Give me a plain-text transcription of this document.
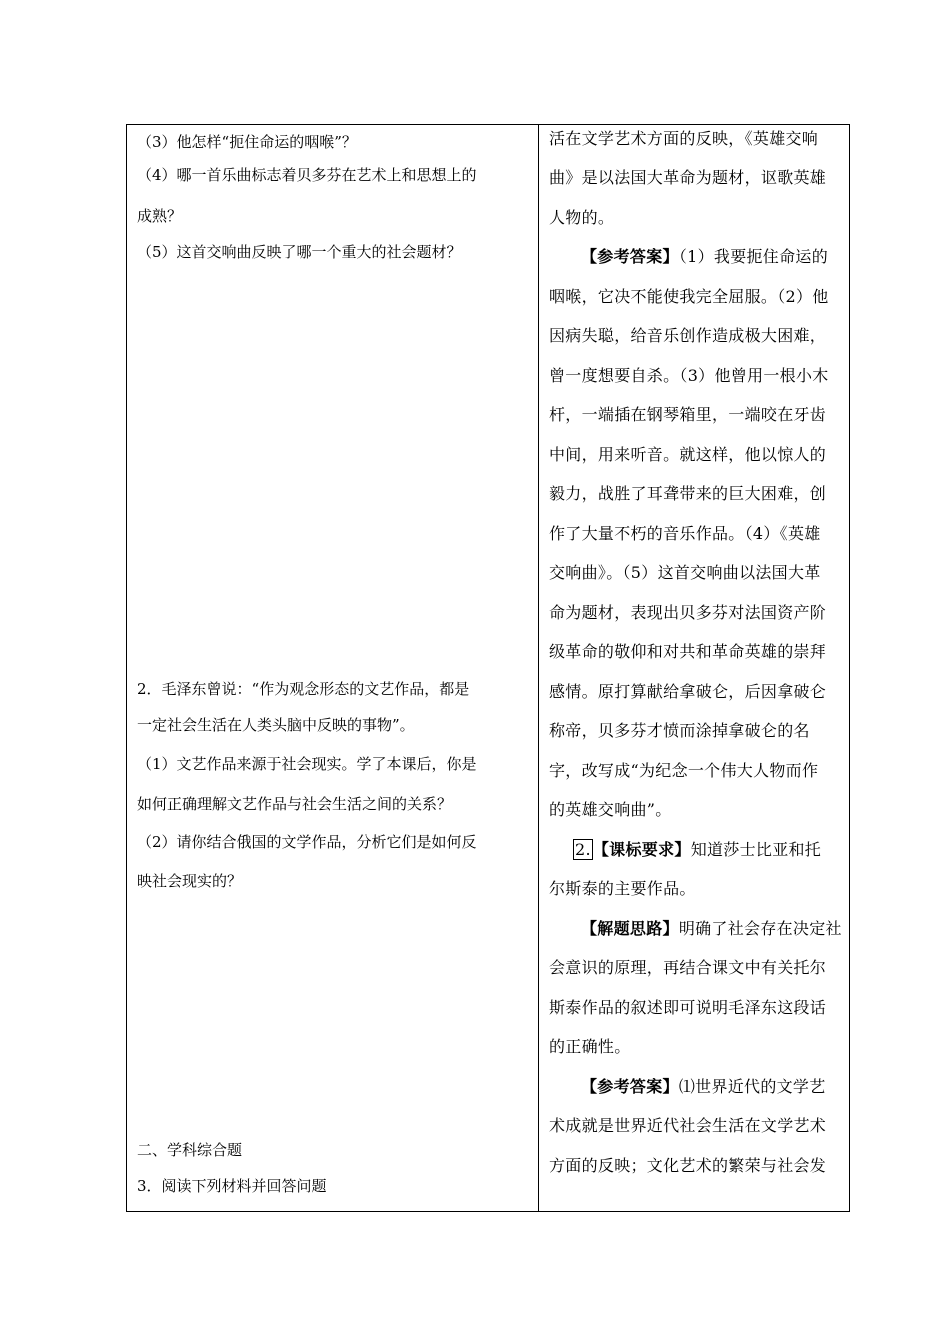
（3）他怎样“扼住命运的咽喉”？
（4）哪一首乐曲标志着贝多芬在艺术上和思想上的
成熟？
（5）这首交响曲反映了哪一个重大的社会题材？
2．毛泽东曾说：“作为观念形态的文艺作品，都是
一定社会生活在人类头脑中反映的事物”。
（1）文艺作品来源于社会现实。学了本课后，你是
如何正确理解文艺作品与社会生活之间的关系？
（2）请你结合俄国的文学作品，分析它们是如何反
映社会现实的？
二、学科综合题
3．阅读下列材料并回答问题
活在文学艺术方面的反映，《英雄交响
曲》是以法国大革命为题材，讴歌英雄
人物的。
【参考答案】（1）我要扼住命运的
咽喉，它决不能使我完全屈服。（2）他
因病失聪，给音乐创作造成极大困难，
曾一度想要自杀。（3）他曾用一根小木
杆，一端插在钢琴箱里，一端咬在牙齿
中间，用来听音。就这样，他以惊人的
毅力，战胜了耳聋带来的巨大困难，创
作了大量不朽的音乐作品。（4）《英雄
交响曲》。（5）这首交响曲以法国大革
命为题材，表现出贝多芬对法国资产阶
级革命的敬仰和对共和革命英雄的崇拜
感情。原打算献给拿破仑，后因拿破仑
称帝，贝多芬才愤而涂掉拿破仑的名
字，改写成“为纪念一个伟大人物而作
的英雄交响曲”。
2. 【课标要求】知道莎士比亚和托
尔斯泰的主要作品。
【解题思路】明确了社会存在决定社
会意识的原理，再结合课文中有关托尔
斯泰作品的叙述即可说明毛泽东这段话
的正确性。
【参考答案】⑴世界近代的文学艺
术成就是世界近代社会生活在文学艺术
方面的反映；文化艺术的繁荣与社会发
